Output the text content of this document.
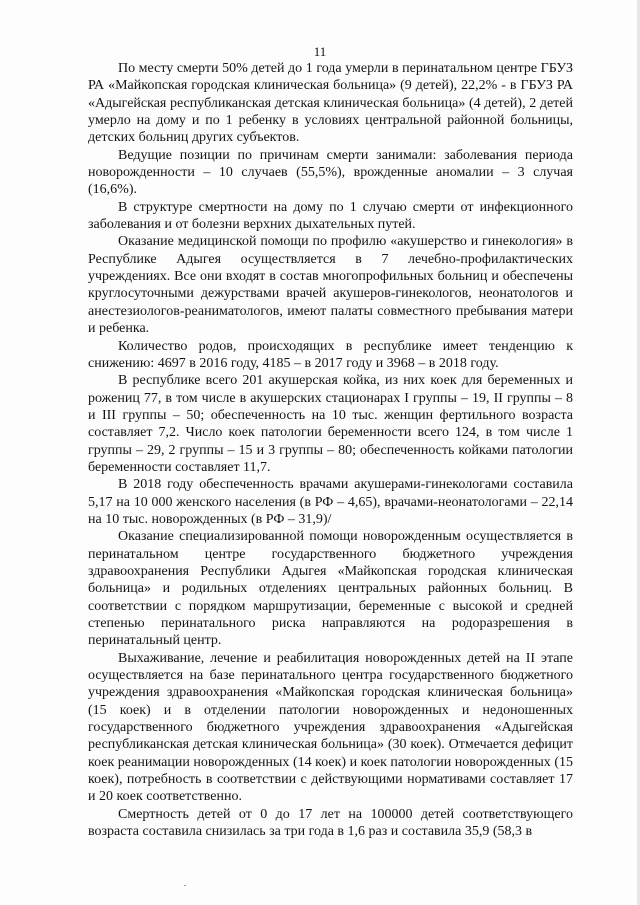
11

По месту смерти 50% детей до 1 года умерли в перинатальном центре ГБУЗ РА «Майкопская городская клиническая больница» (9 детей), 22,2% - в ГБУЗ РА «Адыгейская республиканская детская клиническая больница» (4 детей), 2 детей умерло на дому и по 1 ребенку в условиях центральной районной больницы, детских больниц других субъектов.

Ведущие позиции по причинам смерти занимали: заболевания периода новорожденности – 10 случаев (55,5%), врожденные аномалии – 3 случая (16,6%).

В структуре смертности на дому по 1 случаю смерти от инфекционного заболевания и от болезни верхних дыхательных путей.

Оказание медицинской помощи по профилю «акушерство и гинекология» в Республике Адыгея осуществляется в 7 лечебно-профилактических учреждениях. Все они входят в состав многопрофильных больниц и обеспечены круглосуточными дежурствами врачей акушеров-гинекологов, неонатологов и анестезиологов-реаниматологов, имеют палаты совместного пребывания матери и ребенка.

Количество родов, происходящих в республике имеет тенденцию к снижению: 4697 в 2016 году, 4185 – в 2017 году и 3968 – в 2018 году.

В республике всего 201 акушерская койка, из них коек для беременных и рожениц 77, в том числе в акушерских стационарах I группы – 19, II группы – 8 и III группы – 50; обеспеченность на 10 тыс. женщин фертильного возраста составляет 7,2. Число коек патологии беременности всего 124, в том числе 1 группы – 29, 2 группы – 15 и 3 группы – 80; обеспеченность койками патологии беременности составляет 11,7.

В 2018 году обеспеченность врачами акушерами-гинекологами составила 5,17 на 10 000 женского населения (в РФ – 4,65), врачами-неонатологами – 22,14 на 10 тыс. новорожденных (в РФ – 31,9)/

Оказание специализированной помощи новорожденным осуществляется в перинатальном центре государственного бюджетного учреждения здравоохранения Республики Адыгея «Майкопская городская клиническая больница» и родильных отделениях центральных районных больниц. В соответствии с порядком маршрутизации, беременные с высокой и средней степенью перинатального риска направляются на родоразрешения в перинатальный центр.

Выхаживание, лечение и реабилитация новорожденных детей на II этапе осуществляется на базе перинатального центра государственного бюджетного учреждения здравоохранения «Майкопская городская клиническая больница» (15 коек) и в отделении патологии новорожденных и недоношенных государственного бюджетного учреждения здравоохранения «Адыгейская республиканская детская клиническая больница» (30 коек). Отмечается дефицит коек реанимации новорожденных (14 коек) и коек патологии новорожденных (15 коек), потребность в соответствии с действующими нормативами составляет 17 и 20 коек соответственно.

Смертность детей от 0 до 17 лет на 100000 детей соответствующего возраста составила снизилась за три года в 1,6 раз и составила 35,9 (58,3 в
